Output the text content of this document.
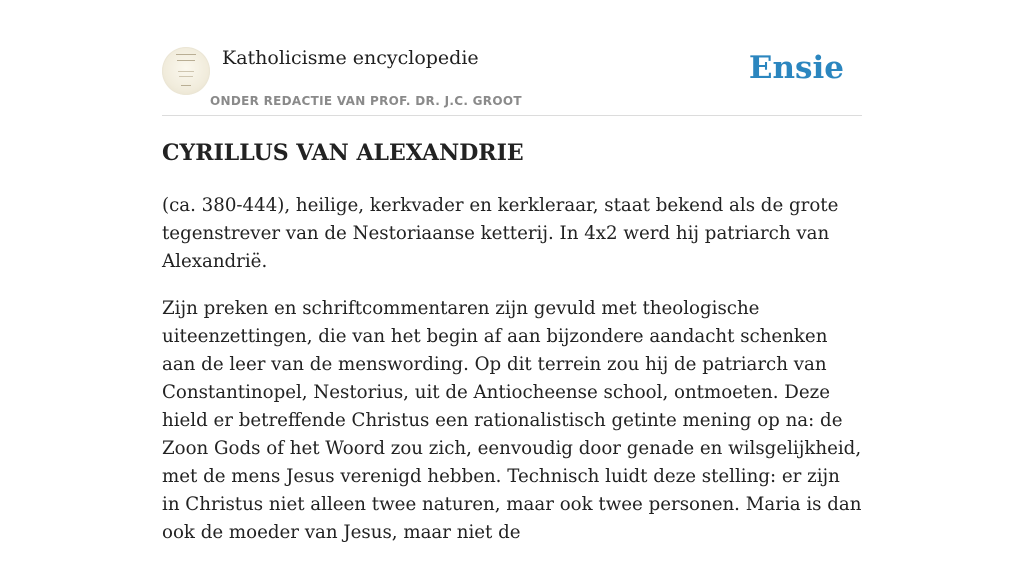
Katholicisme encyclopedie
ONDER REDACTIE VAN PROF. DR. J.C. GROOT
Ensie
CYRILLUS VAN ALEXANDRIE

(ca. 380-444), heilige, kerkvader en kerkleraar, staat bekend als de grote tegenstrever van de Nestoriaanse ketterij. In 4x2 werd hij patriarch van Alexandrië.

Zijn preken en schriftcommentaren zijn gevuld met theologische uiteenzettingen, die van het begin af aan bijzondere aandacht schenken aan de leer van de menswording. Op dit terrein zou hij de patriarch van Constantinopel, Nestorius, uit de Antiocheense school, ontmoeten. Deze hield er betreffende Christus een rationalistisch getinte mening op na: de Zoon Gods of het Woord zou zich, eenvoudig door genade en wilsgelijkheid, met de mens Jesus verenigd hebben. Technisch luidt deze stelling: er zijn in Christus niet alleen twee naturen, maar ook twee personen. Maria is dan ook de moeder van Jesus, maar niet de
